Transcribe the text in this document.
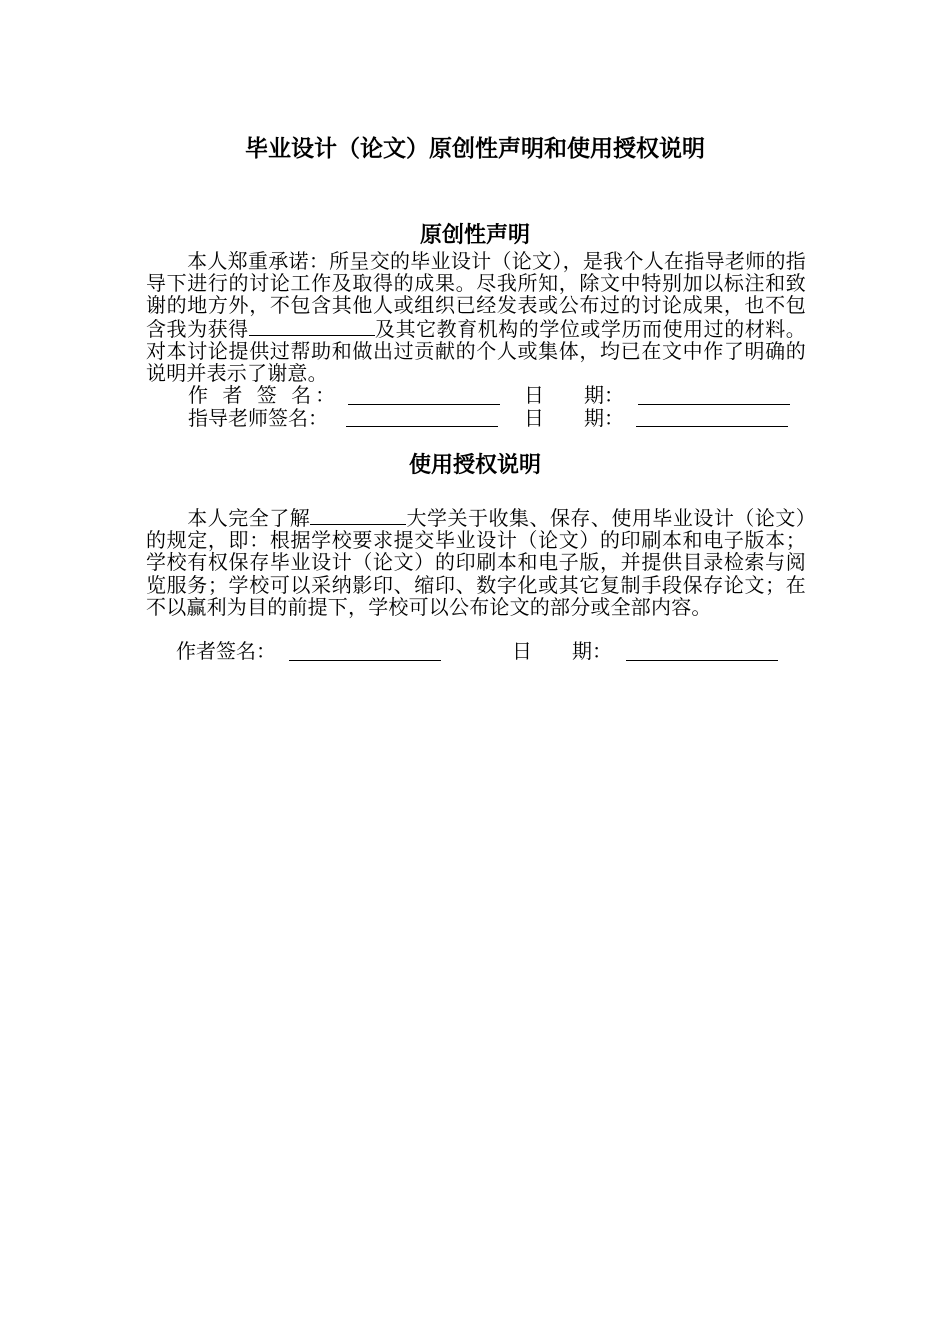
毕业设计（论文）原创性声明和使用授权说明
原创性声明
本人郑重承诺：所呈交的毕业设计（论文），是我个人在指导老师的指导下进行的讨论工作及取得的成果。尽我所知，除文中特别加以标注和致谢的地方外，不包含其他人或组织已经发表或公布过的讨论成果，也不包含我为获得	及其它教育机构的学位或学历而使用过的材料。对本讨论提供过帮助和做出过贡献的个人或集体，均已在文中作了明确的说明并表示了谢意。
作 者 签 名：	日　　期：
指导老师签名：	日　　期：
使用授权说明
本人完全了解	大学关于收集、保存、使用毕业设计（论文）的规定，即：根据学校要求提交毕业设计（论文）的印刷本和电子版本；学校有权保存毕业设计（论文）的印刷本和电子版，并提供目录检索与阅览服务；学校可以采纳影印、缩印、数字化或其它复制手段保存论文；在不以赢利为目的前提下，学校可以公布论文的部分或全部内容。
作者签名：	日　　期：
